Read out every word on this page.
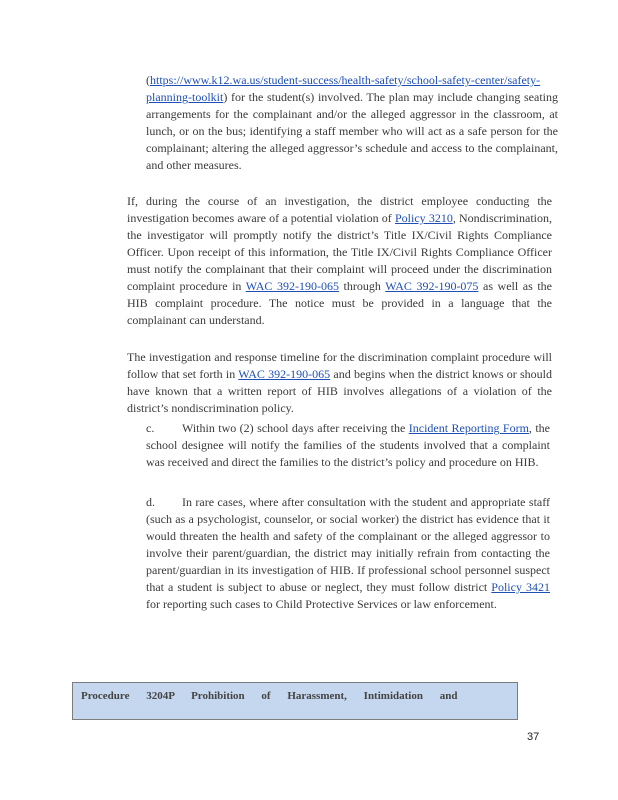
(https://www.k12.wa.us/student-success/health-safety/school-safety-center/safety-planning-toolkit) for the student(s) involved. The plan may include changing seating arrangements for the complainant and/or the alleged aggressor in the classroom, at lunch, or on the bus; identifying a staff member who will act as a safe person for the complainant; altering the alleged aggressor’s schedule and access to the complainant, and other measures.

If, during the course of an investigation, the district employee conducting the investigation becomes aware of a potential violation of Policy 3210, Nondiscrimination, the investigator will promptly notify the district’s Title IX/Civil Rights Compliance Officer. Upon receipt of this information, the Title IX/Civil Rights Compliance Officer must notify the complainant that their complaint will proceed under the discrimination complaint procedure in WAC 392-190-065 through WAC 392-190-075 as well as the HIB complaint procedure. The notice must be provided in a language that the complainant can understand.

The investigation and response timeline for the discrimination complaint procedure will follow that set forth in WAC 392-190-065 and begins when the district knows or should have known that a written report of HIB involves allegations of a violation of the district’s nondiscrimination policy.

c. Within two (2) school days after receiving the Incident Reporting Form, the school designee will notify the families of the students involved that a complaint was received and direct the families to the district’s policy and procedure on HIB.

d. In rare cases, where after consultation with the student and appropriate staff (such as a psychologist, counselor, or social worker) the district has evidence that it would threaten the health and safety of the complainant or the alleged aggressor to involve their parent/guardian, the district may initially refrain from contacting the parent/guardian in its investigation of HIB. If professional school personnel suspect that a student is subject to abuse or neglect, they must follow district Policy 3421 for reporting such cases to Child Protective Services or law enforcement.

Procedure 3204P Prohibition of Harassment, Intimidation and
37
